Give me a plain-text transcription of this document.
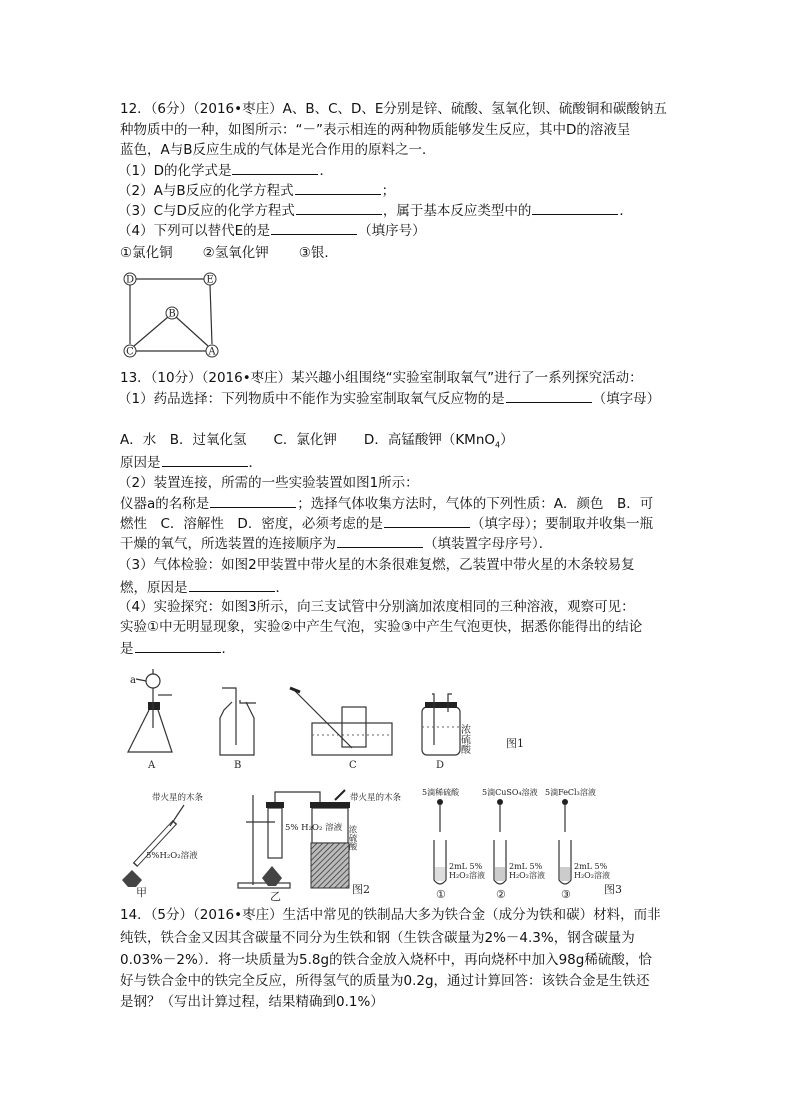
12．（6分）（2016•枣庄）A、B、C、D、E分别是锌、硫酸、氢氧化钡、硫酸铜和碳酸钠五
种物质中的一种，如图所示：“－”表示相连的两种物质能够发生反应，其中D的溶液呈
蓝色，A与B反应生成的气体是光合作用的原料之一．
（1）D的化学式是	．
（2）A与B反应的化学方程式	；
（3）C与D反应的化学方程式	，属于基本反应类型中的	．
（4）下列可以替代E的是	（填序号）
①氯化铜 ②氢氧化钾 ③银．
13．（10分）（2016•枣庄）某兴趣小组围绕“实验室制取氧气”进行了一系列探究活动：
（1）药品选择：下列物质中不能作为实验室制取氧气反应物的是	（填字母）
A．水　B．过氧化氢　　C．氯化钾　　D．高锰酸钾（KMnO$_4$）
原因是	．
（2）装置连接，所需的一些实验装置如图1所示：
仪器a的名称是	；选择气体收集方法时，气体的下列性质：A．颜色　B．可
燃性　C．溶解性　D．密度，必须考虑的是	（填字母）；要制取并收集一瓶
干燥的氧气，所选装置的连接顺序为	（填装置字母序号）．
（3）气体检验：如图2甲装置中带火星的木条很难复燃，乙装置中带火星的木条较易复
燃，原因是	．
（4）实验探究：如图3所示，向三支试管中分别滴加浓度相同的三种溶液，观察可见：
实验①中无明显现象，实验②中产生气泡，实验③中产生气泡更快，据悉你能得出的结论
是	．
14．（5分）（2016•枣庄）生活中常见的铁制品大多为铁合金（成分为铁和碳）材料，而非
纯铁，铁合金又因其含碳量不同分为生铁和钢（生铁含碳量为2%－4.3%，钢含碳量为
0.03%－2%）．将一块质量为5.8g的铁合金放入烧杯中，再向烧杯中加入98g稀硫酸，恰
好与铁合金中的铁完全反应，所得氢气的质量为0.2g，通过计算回答：该铁合金是生铁还
是钢？（写出计算过程，结果精确到0.1%）
D	E
B
C	A
a
A	B	C
浓硫酸
D
图1
带火星的木条
5%H₂O₂溶液
甲
带火星的木条
5% H₂O₂ 溶液 浓硫酸
乙
图2
5滴稀硫酸
①
5滴CuSO₄溶液
②
5滴FeCl₃溶液
③	图3
2mL 5% H₂O₂溶液
2mL 5% H₂O₂溶液
2mL 5% H₂O₂溶液
